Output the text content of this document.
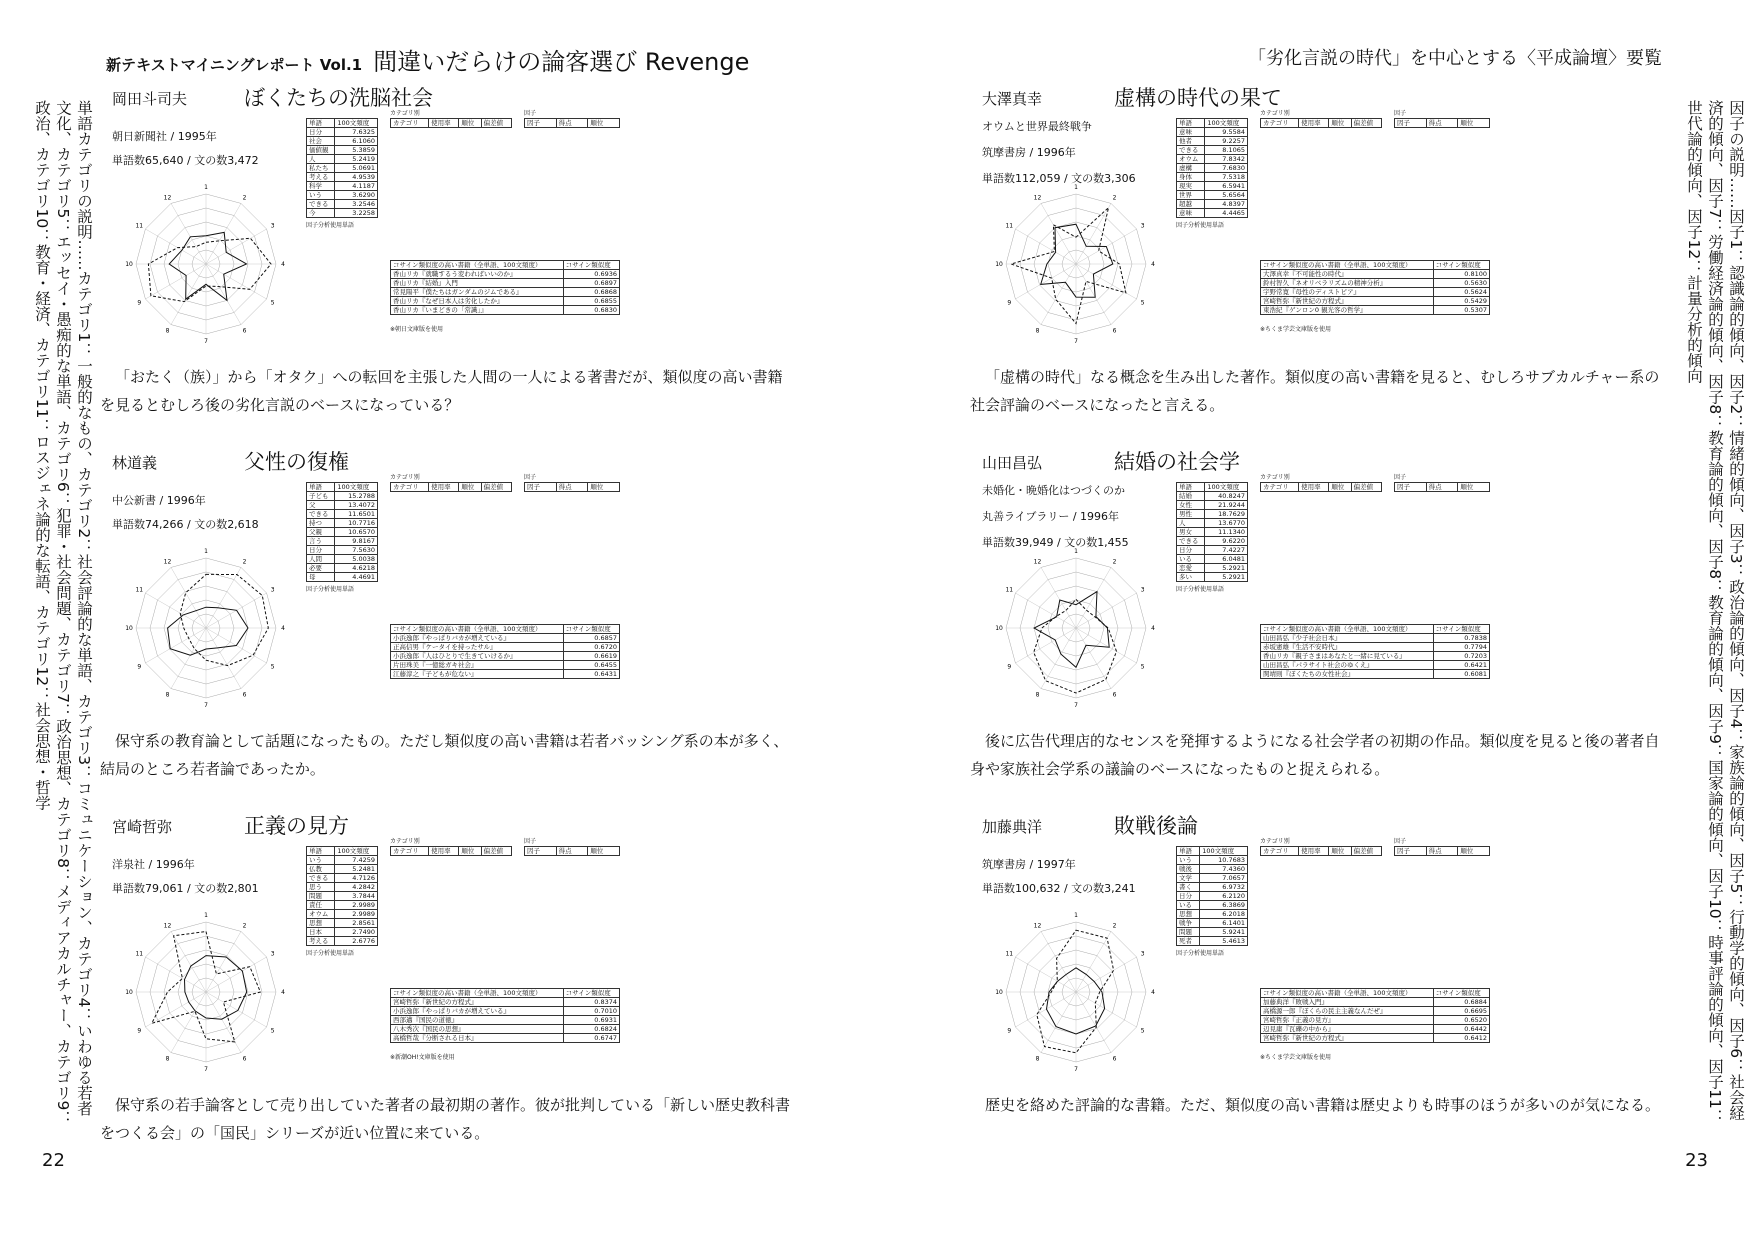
新テキストマイニングレポート Vol.1 間違いだらけの論客選び Revenge
単語カテゴリの説明……カテゴリ1：一般的なもの、カテゴリ2：社会評論的な単語、カテゴリ3：コミュニケーション、カテゴリ4：いわゆる若者文化、カテゴリ5：エッセイ・愚痴的な単語、カテゴリ6：犯罪・社会問題、カテゴリ7：政治思想、カテゴリ8：メディアカルチャー、カテゴリ9：政治、カテゴリ10：教育・経済、カテゴリ11：ロスジェネ論的な転語、カテゴリ12：社会思想・哲学
岡田斗司夫	ぼくたちの洗脳社会
朝日新聞社 / 1995年
単語数65,640 / 文の数3,472
「おたく（族）」から「オタク」への転回を主張した人間の一人による著書だが、類似度の高い書籍を見るとむしろ後の劣化言説のベースになっている？
1
2
3
4
5
6
7
8
9
10
11
12
単語	100文頻度
日分	7.6325
社会	6.1060
価値観	5.3859
人	5.2419
私たち	5.0691
考える	4.9539
科学	4.1187
いう	3.6290
できる	3.2546
今	3.2258
因子分析使用単語
カテゴリ別
カテゴリ	使用率	順位	偏差値
因子
因子	得点	順位
コサイン類似度の高い書籍（全単語、100文頻度）	コサイン類似度
香山リカ『就職するう変わればいいのか』	0.6936
香山リカ『結婚』入門	0.6897
常見陽平『僕たちはガンダムのジムである』	0.6868
香山リカ『なぜ日本人は劣化したか』	0.6855
香山リカ『いまどきの「常識」』	0.6830
※朝日文庫版を使用
林道義	父性の復権
中公新書 / 1996年
単語数74,266 / 文の数2,618
保守系の教育論として話題になったもの。ただし類似度の高い書籍は若者バッシング系の本が多く、結局のところ若者論であったか。
1
2
3
4
5
6
7
8
9
10
11
12
単語	100文頻度
子ども	15.2788
父	13.4072
できる	11.6501
持つ	10.7716
父親	10.6570
言う	9.8167
日分	7.5630
人間	5.0038
必要	4.6218
母	4.4691
因子分析使用単語
カテゴリ別
カテゴリ	使用率	順位	偏差値
因子
因子	得点	順位
コサイン類似度の高い書籍（全単語、100文頻度）	コサイン類似度
小浜逸郎『やっぱりバカが増えている』	0.6857
正高信男『ケータイを持ったサル』	0.6720
小浜逸郎『人はひとりで生きていけるか』	0.6619
片田珠美『一億総ガキ社会』	0.6455
江藤淳之『子どもが危ない』	0.6431
宮崎哲弥	正義の見方
洋泉社 / 1996年
単語数79,061 / 文の数2,801
保守系の若手論客として売り出していた著者の最初期の著作。彼が批判している「新しい歴史教科書をつくる会」の「国民」シリーズが近い位置に来ている。
1
2
3
4
5
6
7
8
9
10
11
12
単語	100文頻度
いう	7.4259
仏教	5.2481
できる	4.7126
思う	4.2842
問題	3.7844
責任	2.9989
オウム	2.9989
思想	2.8561
日本	2.7490
考える	2.6776
因子分析使用単語
カテゴリ別
カテゴリ	使用率	順位	偏差値
因子
因子	得点	順位
コサイン類似度の高い書籍（全単語、100文頻度）	コサイン類似度
宮崎哲弥『新世紀の方程式』	0.8374
小浜逸郎『やっぱりバカが増えている』	0.7010
西部邁『国民の道徳』	0.6931
八木秀次『国民の思想』	0.6824
高橋哲哉『分断される日本』	0.6747
※新潮OH!文庫版を使用
22
「劣化言説の時代」を中心とする〈平成論壇〉要覧
大澤真幸	虚構の時代の果て
オウムと世界最終戦争
筑摩書房 / 1996年
単語数112,059 / 文の数3,306
「虚構の時代」なる概念を生み出した著作。類似度の高い書籍を見ると、むしろサブカルチャー系の社会評論のベースになったと言える。
1
2
3
4
5
6
7
8
9
10
11
12
単語	100文頻度
意味	9.5584
他者	9.2257
できる	8.1065
オウム	7.8342
虚構	7.6830
身体	7.5318
現実	6.5941
世界	5.6564
超越	4.8397
意味	4.4465
因子分析使用単語
カテゴリ別
カテゴリ	使用率	順位	偏差値
因子
因子	得点	順位
コサイン類似度の高い書籍（全単語、100文頻度）	コサイン類似度
大澤真幸『不可能性の時代』	0.8100
鈴村智久『ネオリベラリズムの精神分析』	0.5630
宇野常寛『母性のディストピア』	0.5624
宮崎哲弥『新世紀の方程式』	0.5429
東浩紀『ゲンロン0 観光客の哲学』	0.5307
※ちくま学芸文庫版を使用
山田昌弘	結婚の社会学
未婚化・晩婚化はつづくのか
丸善ライブラリー / 1996年
単語数39,949 / 文の数1,455
後に広告代理店的なセンスを発揮するようになる社会学者の初期の作品。類似度を見ると後の著者自身や家族社会学系の議論のベースになったものと捉えられる。
1
2
3
4
5
6
7
8
9
10
11
12
単語	100文頻度
結婚	40.8247
女性	21.9244
男性	18.7629
人	13.6770
男女	11.1340
できる	9.6220
日分	7.4227
いる	6.0481
恋愛	5.2921
多い	5.2921
因子分析使用単語
カテゴリ別
カテゴリ	使用率	順位	偏差値
因子
因子	得点	順位
コサイン類似度の高い書籍（全単語、100文頻度）	コサイン類似度
山田昌弘『少子社会日本』	0.7838
赤坂憲雄『生活不安時代』	0.7794
香山リカ『親子さまはあなたと一緒に見ている』	0.7203
山田昌弘『パラサイト社会のゆくえ』	0.6421
関靖則『ぼくたちの女性社会』	0.6081
加藤典洋	敗戦後論
筑摩書房 / 1997年
単語数100,632 / 文の数3,241
歴史を絡めた評論的な書籍。ただ、類似度の高い書籍は歴史よりも時事のほうが多いのが気になる。
1
2
3
4
5
6
7
8
9
10
11
12
単語	100文頻度
いう	10.7683
戦後	7.4360
文学	7.0657
書く	6.9732
日分	6.2120
いる	6.3869
思想	6.2018
戦争	6.1401
問題	5.9241
死者	5.4613
因子分析使用単語
カテゴリ別
カテゴリ	使用率	順位	偏差値
因子
因子	得点	順位
コサイン類似度の高い書籍（全単語、100文頻度）	コサイン類似度
加藤典洋『敗戦入門』	0.6884
高橋源一郎『ぼくらの民主主義なんだぜ』	0.6695
宮崎哲弥『正義の見方』	0.6520
辺見庸『瓦礫の中から』	0.6442
宮崎哲弥『新世紀の方程式』	0.6412
※ちくま学芸文庫版を使用	因子の説明……因子1：認識論的傾向、因子2：情緒的傾向、因子3：政治論的傾向、因子4：家族論的傾向、因子5：行動学的傾向、因子6：社会経済的傾向、因子7：労働経済論的傾向、因子8：教育論的傾向、因子8：教育論的傾向、因子9：国家論的傾向、因子10：時事評論的傾向、因子11：世代論的傾向、因子12：計量分析的傾向
23
